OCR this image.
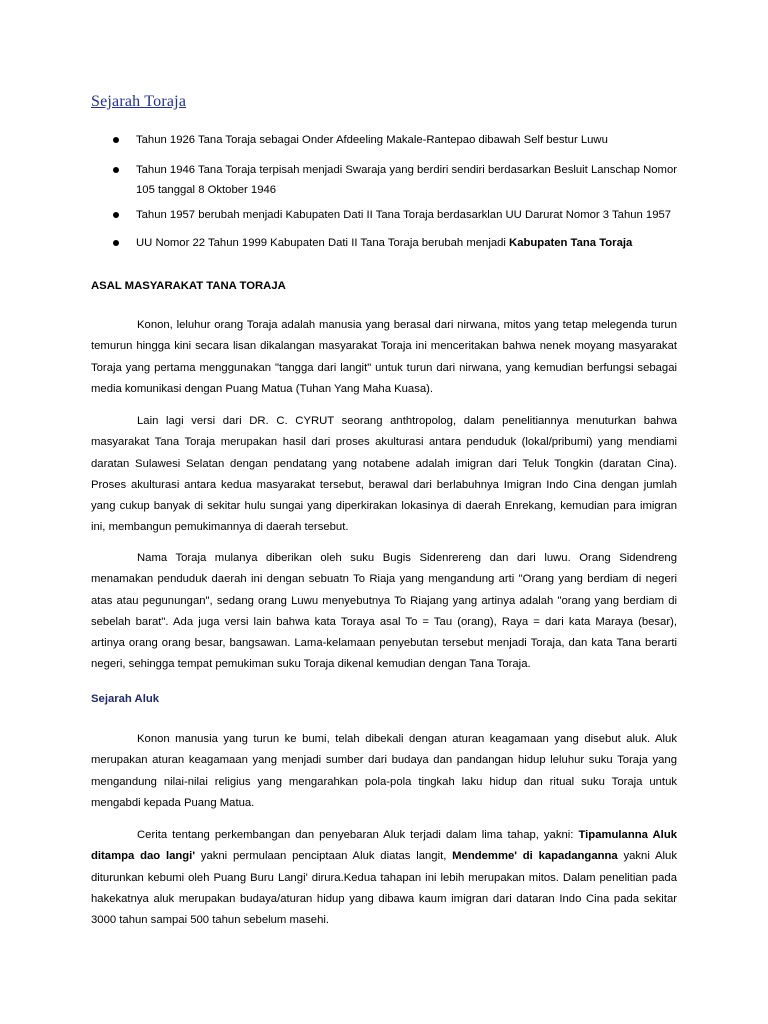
Sejarah Toraja
Tahun 1926 Tana Toraja sebagai Onder Afdeeling Makale-Rantepao dibawah Self bestur Luwu
Tahun 1946 Tana Toraja terpisah menjadi Swaraja yang berdiri sendiri berdasarkan Besluit Lanschap Nomor 105 tanggal 8 Oktober 1946
Tahun 1957 berubah menjadi Kabupaten Dati II Tana Toraja berdasarklan UU Darurat Nomor 3 Tahun 1957
UU Nomor 22 Tahun 1999 Kabupaten Dati II Tana Toraja berubah menjadi Kabupaten Tana Toraja
ASAL MASYARAKAT TANA TORAJA

Konon, leluhur orang Toraja adalah manusia yang berasal dari nirwana, mitos yang tetap melegenda turun temurun hingga kini secara lisan dikalangan masyarakat Toraja ini menceritakan bahwa nenek moyang masyarakat Toraja yang pertama menggunakan "tangga dari langit" untuk turun dari nirwana, yang kemudian berfungsi sebagai media komunikasi dengan Puang Matua (Tuhan Yang Maha Kuasa).

Lain lagi versi dari DR. C. CYRUT seorang anthtropolog, dalam penelitiannya menuturkan bahwa masyarakat Tana Toraja merupakan hasil dari proses akulturasi antara penduduk (lokal/pribumi) yang mendiami daratan Sulawesi Selatan dengan pendatang yang notabene adalah imigran dari Teluk Tongkin (daratan Cina). Proses akulturasi antara kedua masyarakat tersebut, berawal dari berlabuhnya Imigran Indo Cina dengan jumlah yang cukup banyak di sekitar hulu sungai yang diperkirakan lokasinya di daerah Enrekang, kemudian para imigran ini, membangun pemukimannya di daerah tersebut.

Nama Toraja mulanya diberikan oleh suku Bugis Sidenrereng dan dari luwu. Orang Sidendreng menamakan penduduk daerah ini dengan sebuatn To Riaja yang mengandung arti "Orang yang berdiam di negeri atas atau pegunungan", sedang orang Luwu menyebutnya To Riajang yang artinya adalah "orang yang berdiam di sebelah barat". Ada juga versi lain bahwa kata Toraya asal To = Tau (orang), Raya = dari kata Maraya (besar), artinya orang orang besar, bangsawan. Lama-kelamaan penyebutan tersebut menjadi Toraja, dan kata Tana berarti negeri, sehingga tempat pemukiman suku Toraja dikenal kemudian dengan Tana Toraja.

Sejarah Aluk

Konon manusia yang turun ke bumi, telah dibekali dengan aturan keagamaan yang disebut aluk. Aluk merupakan aturan keagamaan yang menjadi sumber dari budaya dan pandangan hidup leluhur suku Toraja yang mengandung nilai-nilai religius yang mengarahkan pola-pola tingkah laku hidup dan ritual suku Toraja untuk mengabdi kepada Puang Matua.

Cerita tentang perkembangan dan penyebaran Aluk terjadi dalam lima tahap, yakni: Tipamulanna Aluk ditampa dao langi' yakni permulaan penciptaan Aluk diatas langit, Mendemme' di kapadanganna yakni Aluk diturunkan kebumi oleh Puang Buru Langi' dirura.Kedua tahapan ini lebih merupakan mitos. Dalam penelitian pada hakekatnya aluk merupakan budaya/aturan hidup yang dibawa kaum imigran dari dataran Indo Cina pada sekitar 3000 tahun sampai 500 tahun sebelum masehi.
